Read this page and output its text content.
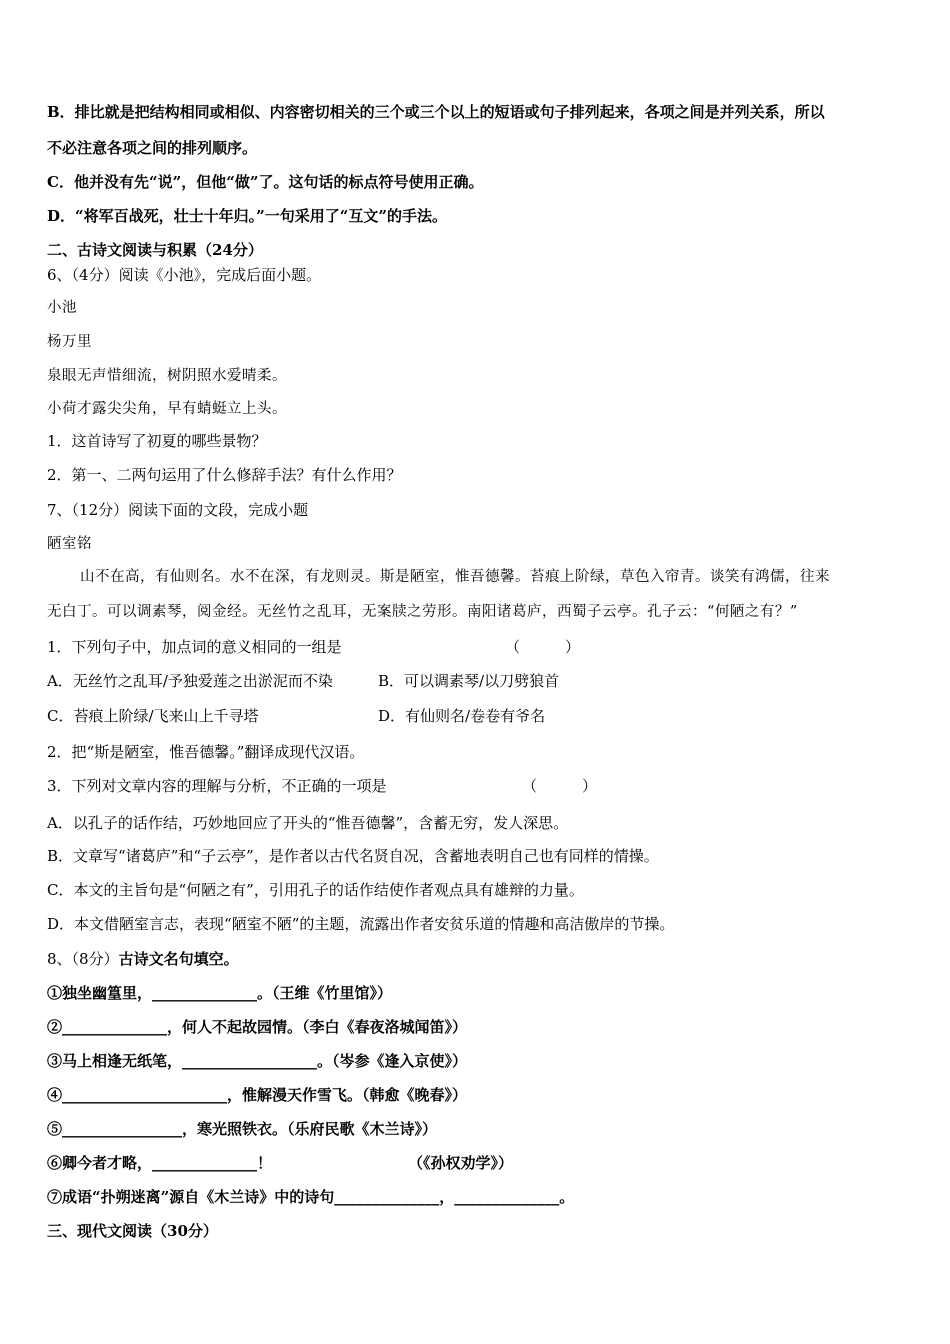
B．排比就是把结构相同或相似、内容密切相关的三个或三个以上的短语或句子排列起来，各项之间是并列关系，所以
不必注意各项之间的排列顺序。
C．他并没有先“说”，但他“做”了。这句话的标点符号使用正确。
D．“将军百战死，壮士十年归。”一句采用了“互文”的手法。
二、古诗文阅读与积累（24分）
6、（4分）阅读《小池》，完成后面小题。
小池
杨万里
泉眼无声惜细流，树阴照水爱晴柔。
小荷才露尖尖角，早有蜻蜓立上头。
1．这首诗写了初夏的哪些景物？
2．第一、二两句运用了什么修辞手法？有什么作用？
7、（12分）阅读下面的文段，完成小题
陋室铭
山不在高，有仙则名。水不在深，有龙则灵。斯是陋室，惟吾德馨。苔痕上阶绿，草色入帘青。谈笑有鸿儒，往来
无白丁。可以调素琴，阅金经。无丝竹之乱耳，无案牍之劳形。南阳诸葛庐，西蜀子云亭。孔子云：“何陋之有？”
1．下列句子中，加点词的意义相同的一组是	（　　　）
A．无丝竹之乱耳/予独爱莲之出淤泥而不染	B．可以调素琴/以刀劈狼首
C．苔痕上阶绿/飞来山上千寻塔	D．有仙则名/卷卷有爷名
2．把“斯是陋室，惟吾德馨。”翻译成现代汉语。
3．下列对文章内容的理解与分析，不正确的一项是	（　　　）
A．以孔子的话作结，巧妙地回应了开头的“惟吾德馨”，含蓄无穷，发人深思。
B．文章写“诸葛庐”和“子云亭”，是作者以古代名贤自况，含蓄地表明自己也有同样的情操。
C．本文的主旨句是“何陋之有”，引用孔子的话作结使作者观点具有雄辩的力量。
D．本文借陋室言志，表现“陋室不陋”的主题，流露出作者安贫乐道的情趣和高洁傲岸的节操。
8、（8分）古诗文名句填空。
①独坐幽篁里，______________。（王维《竹里馆》）
②______________，何人不起故园情。（李白《春夜洛城闻笛》）
③马上相逢无纸笔，__________________。（岑参《逢入京使》）
④______________________，惟解漫天作雪飞。（韩愈《晚春》）
⑤________________，寒光照铁衣。（乐府民歌《木兰诗》）
⑥卿今者才略，______________！	（《孙权劝学》）
⑦成语“扑朔迷离”源自《木兰诗》中的诗句______________，______________。
三、现代文阅读（30分）
